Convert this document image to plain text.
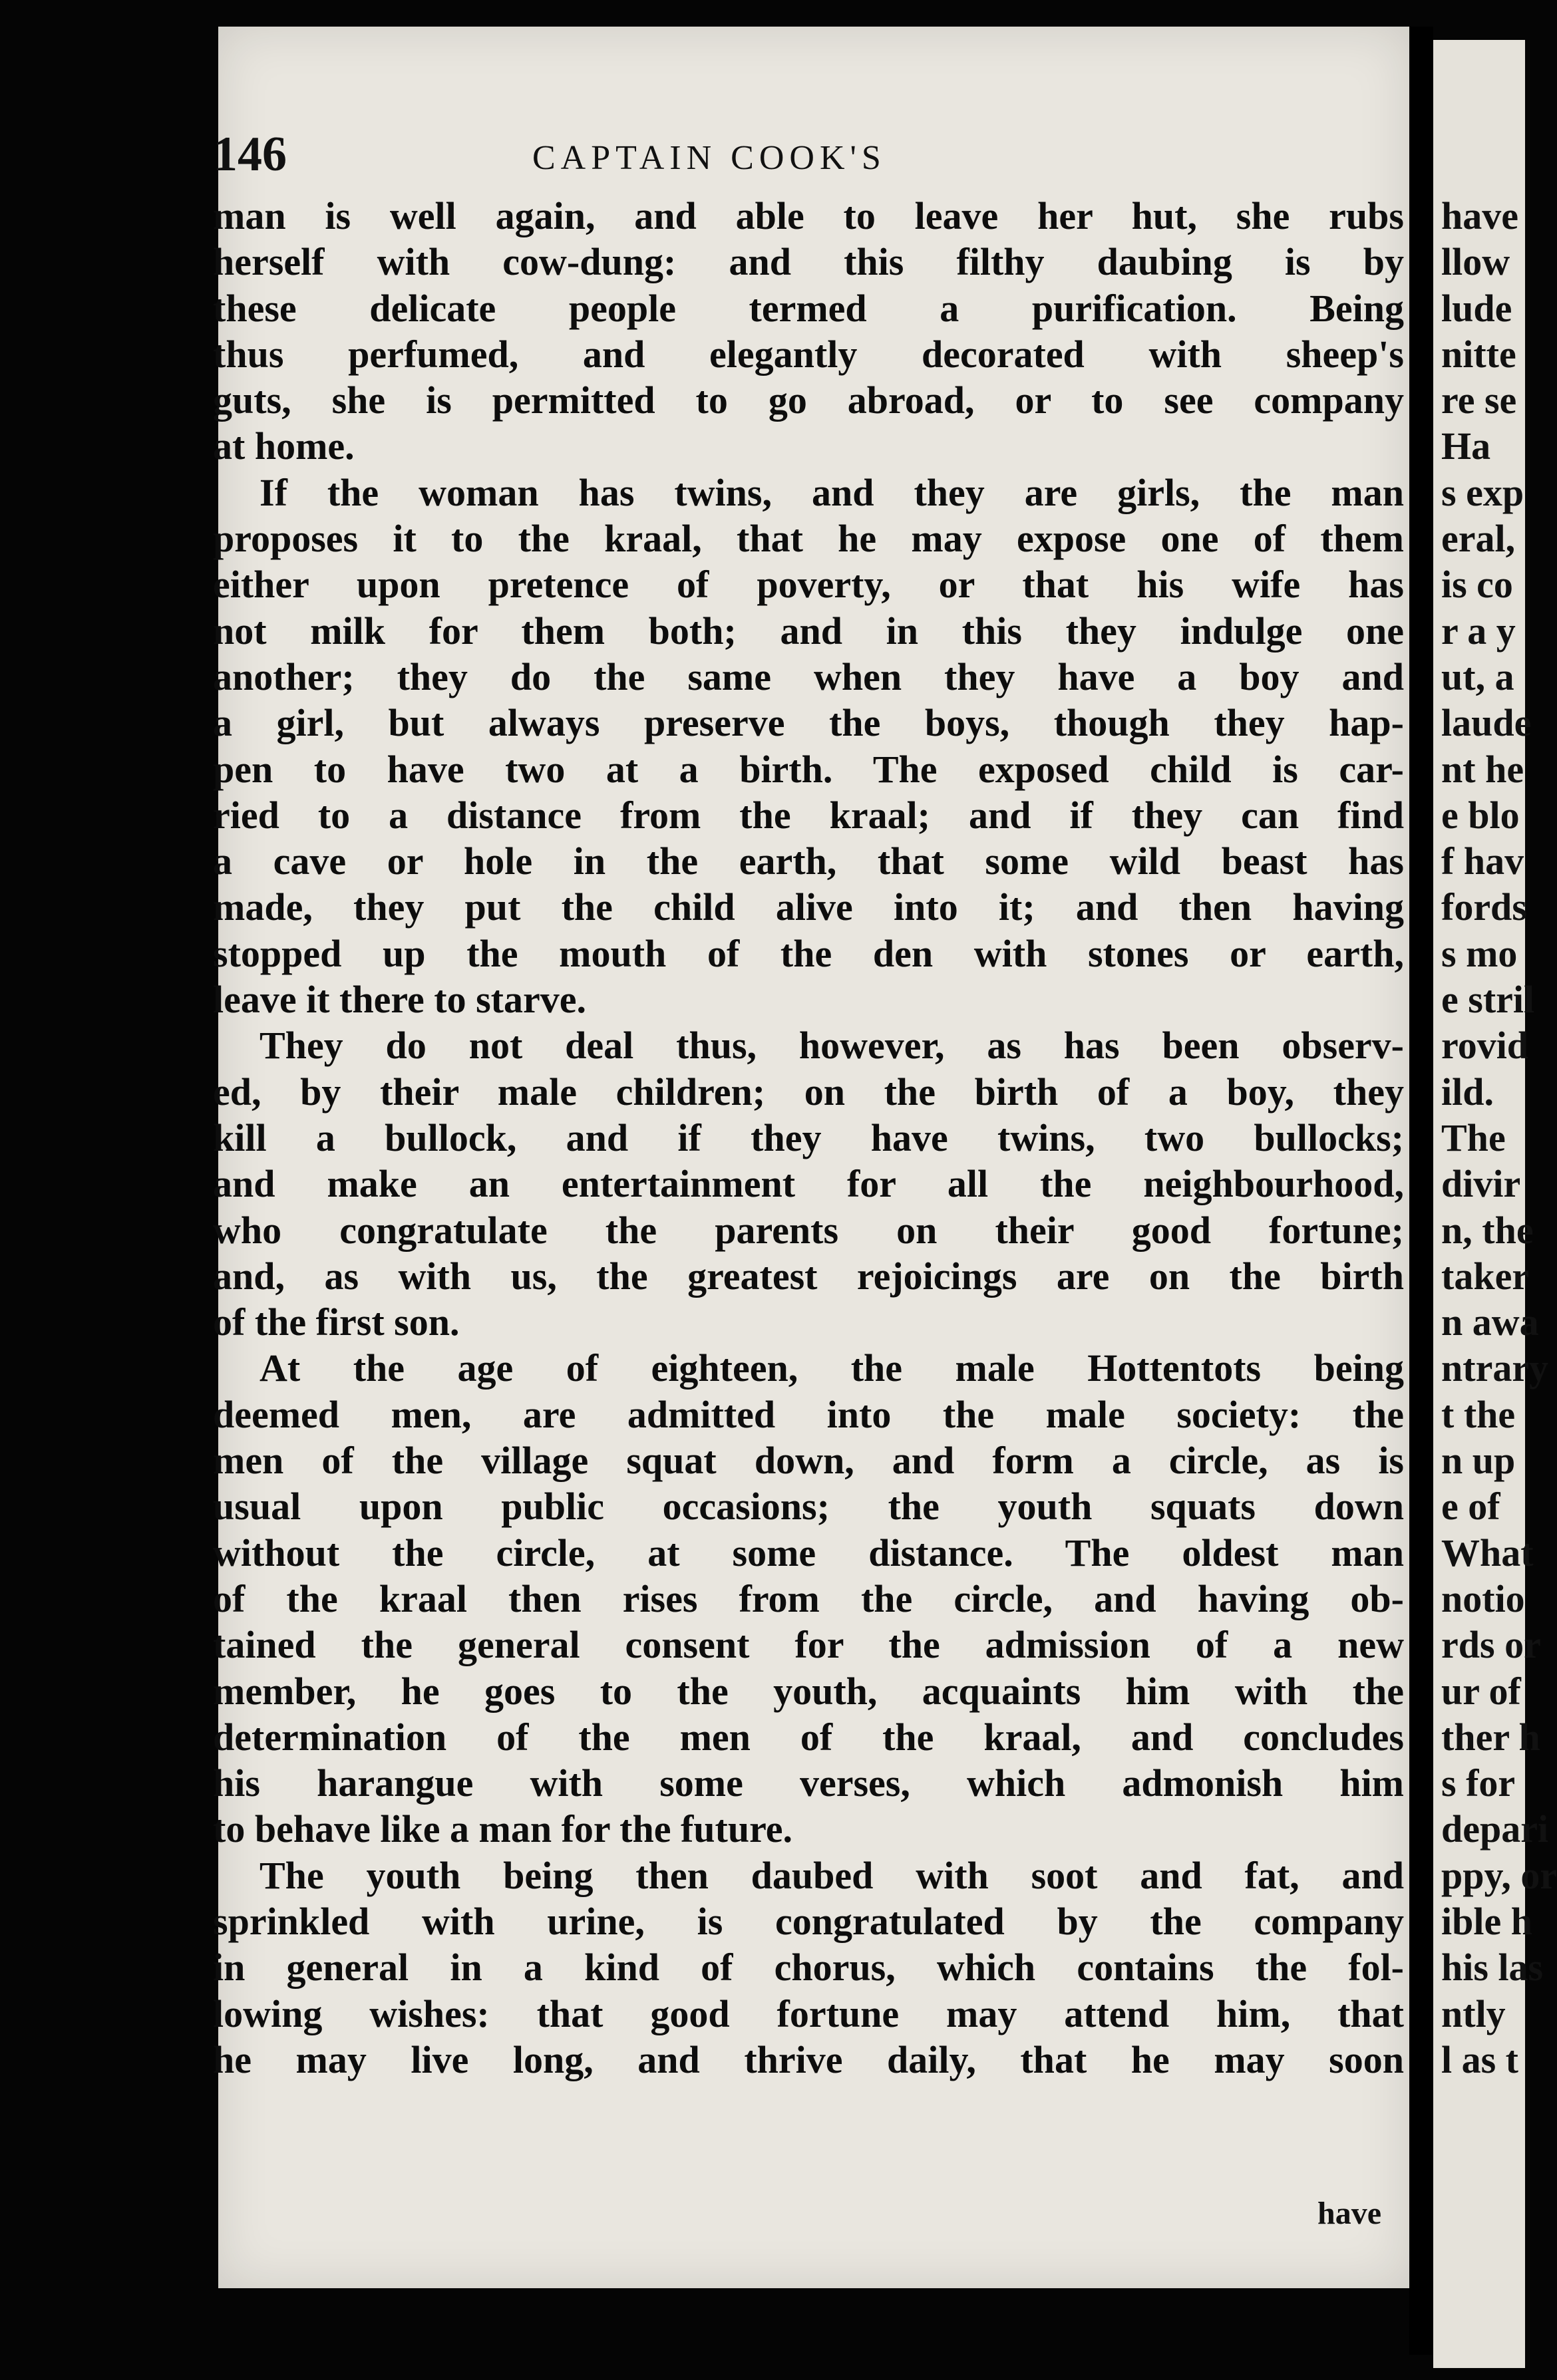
146	CAPTAIN COOK'S

man is well again, and able to leave her hut, she rubs
herself with cow-dung: and this filthy daubing is by
these delicate people termed a purification. Being
thus perfumed, and elegantly decorated with sheep's
guts, she is permitted to go abroad, or to see company
at home.

If the woman has twins, and they are girls, the man
proposes it to the kraal, that he may expose one of them
either upon pretence of poverty, or that his wife has
not milk for them both; and in this they indulge one
another; they do the same when they have a boy and
a girl, but always preserve the boys, though they hap-
pen to have two at a birth. The exposed child is car-
ried to a distance from the kraal; and if they can find
a cave or hole in the earth, that some wild beast has
made, they put the child alive into it; and then having
stopped up the mouth of the den with stones or earth,
leave it there to starve.

They do not deal thus, however, as has been observ-
ed, by their male children; on the birth of a boy, they
kill a bullock, and if they have twins, two bullocks;
and make an entertainment for all the neighbourhood,
who congratulate the parents on their good fortune;
and, as with us, the greatest rejoicings are on the birth
of the first son.

At the age of eighteen, the male Hottentots being
deemed men, are admitted into the male society: the
men of the village squat down, and form a circle, as is
usual upon public occasions; the youth squats down
without the circle, at some distance. The oldest man
of the kraal then rises from the circle, and having ob-
tained the general consent for the admission of a new
member, he goes to the youth, acquaints him with the
determination of the men of the kraal, and concludes
his harangue with some verses, which admonish him
to behave like a man for the future.

The youth being then daubed with soot and fat, and
sprinkled with urine, is congratulated by the company
in general in a kind of chorus, which contains the fol-
lowing wishes: that good fortune may attend him, that
he may live long, and thrive daily, that he may soon

have
have
llow
lude
nitte
re se
Ha
s exp
eral,
is co
r a y
ut, a
laude
nt he
e blo
f hav
fords
s mo
e stril
rovid
ild.
The
divir
n, the
taker
n awa
ntrary
t the
n up
e of
What
notio
rds or
ur of
ther h
s for
depari
ppy, or
ible h
his las
ntly
l as t
